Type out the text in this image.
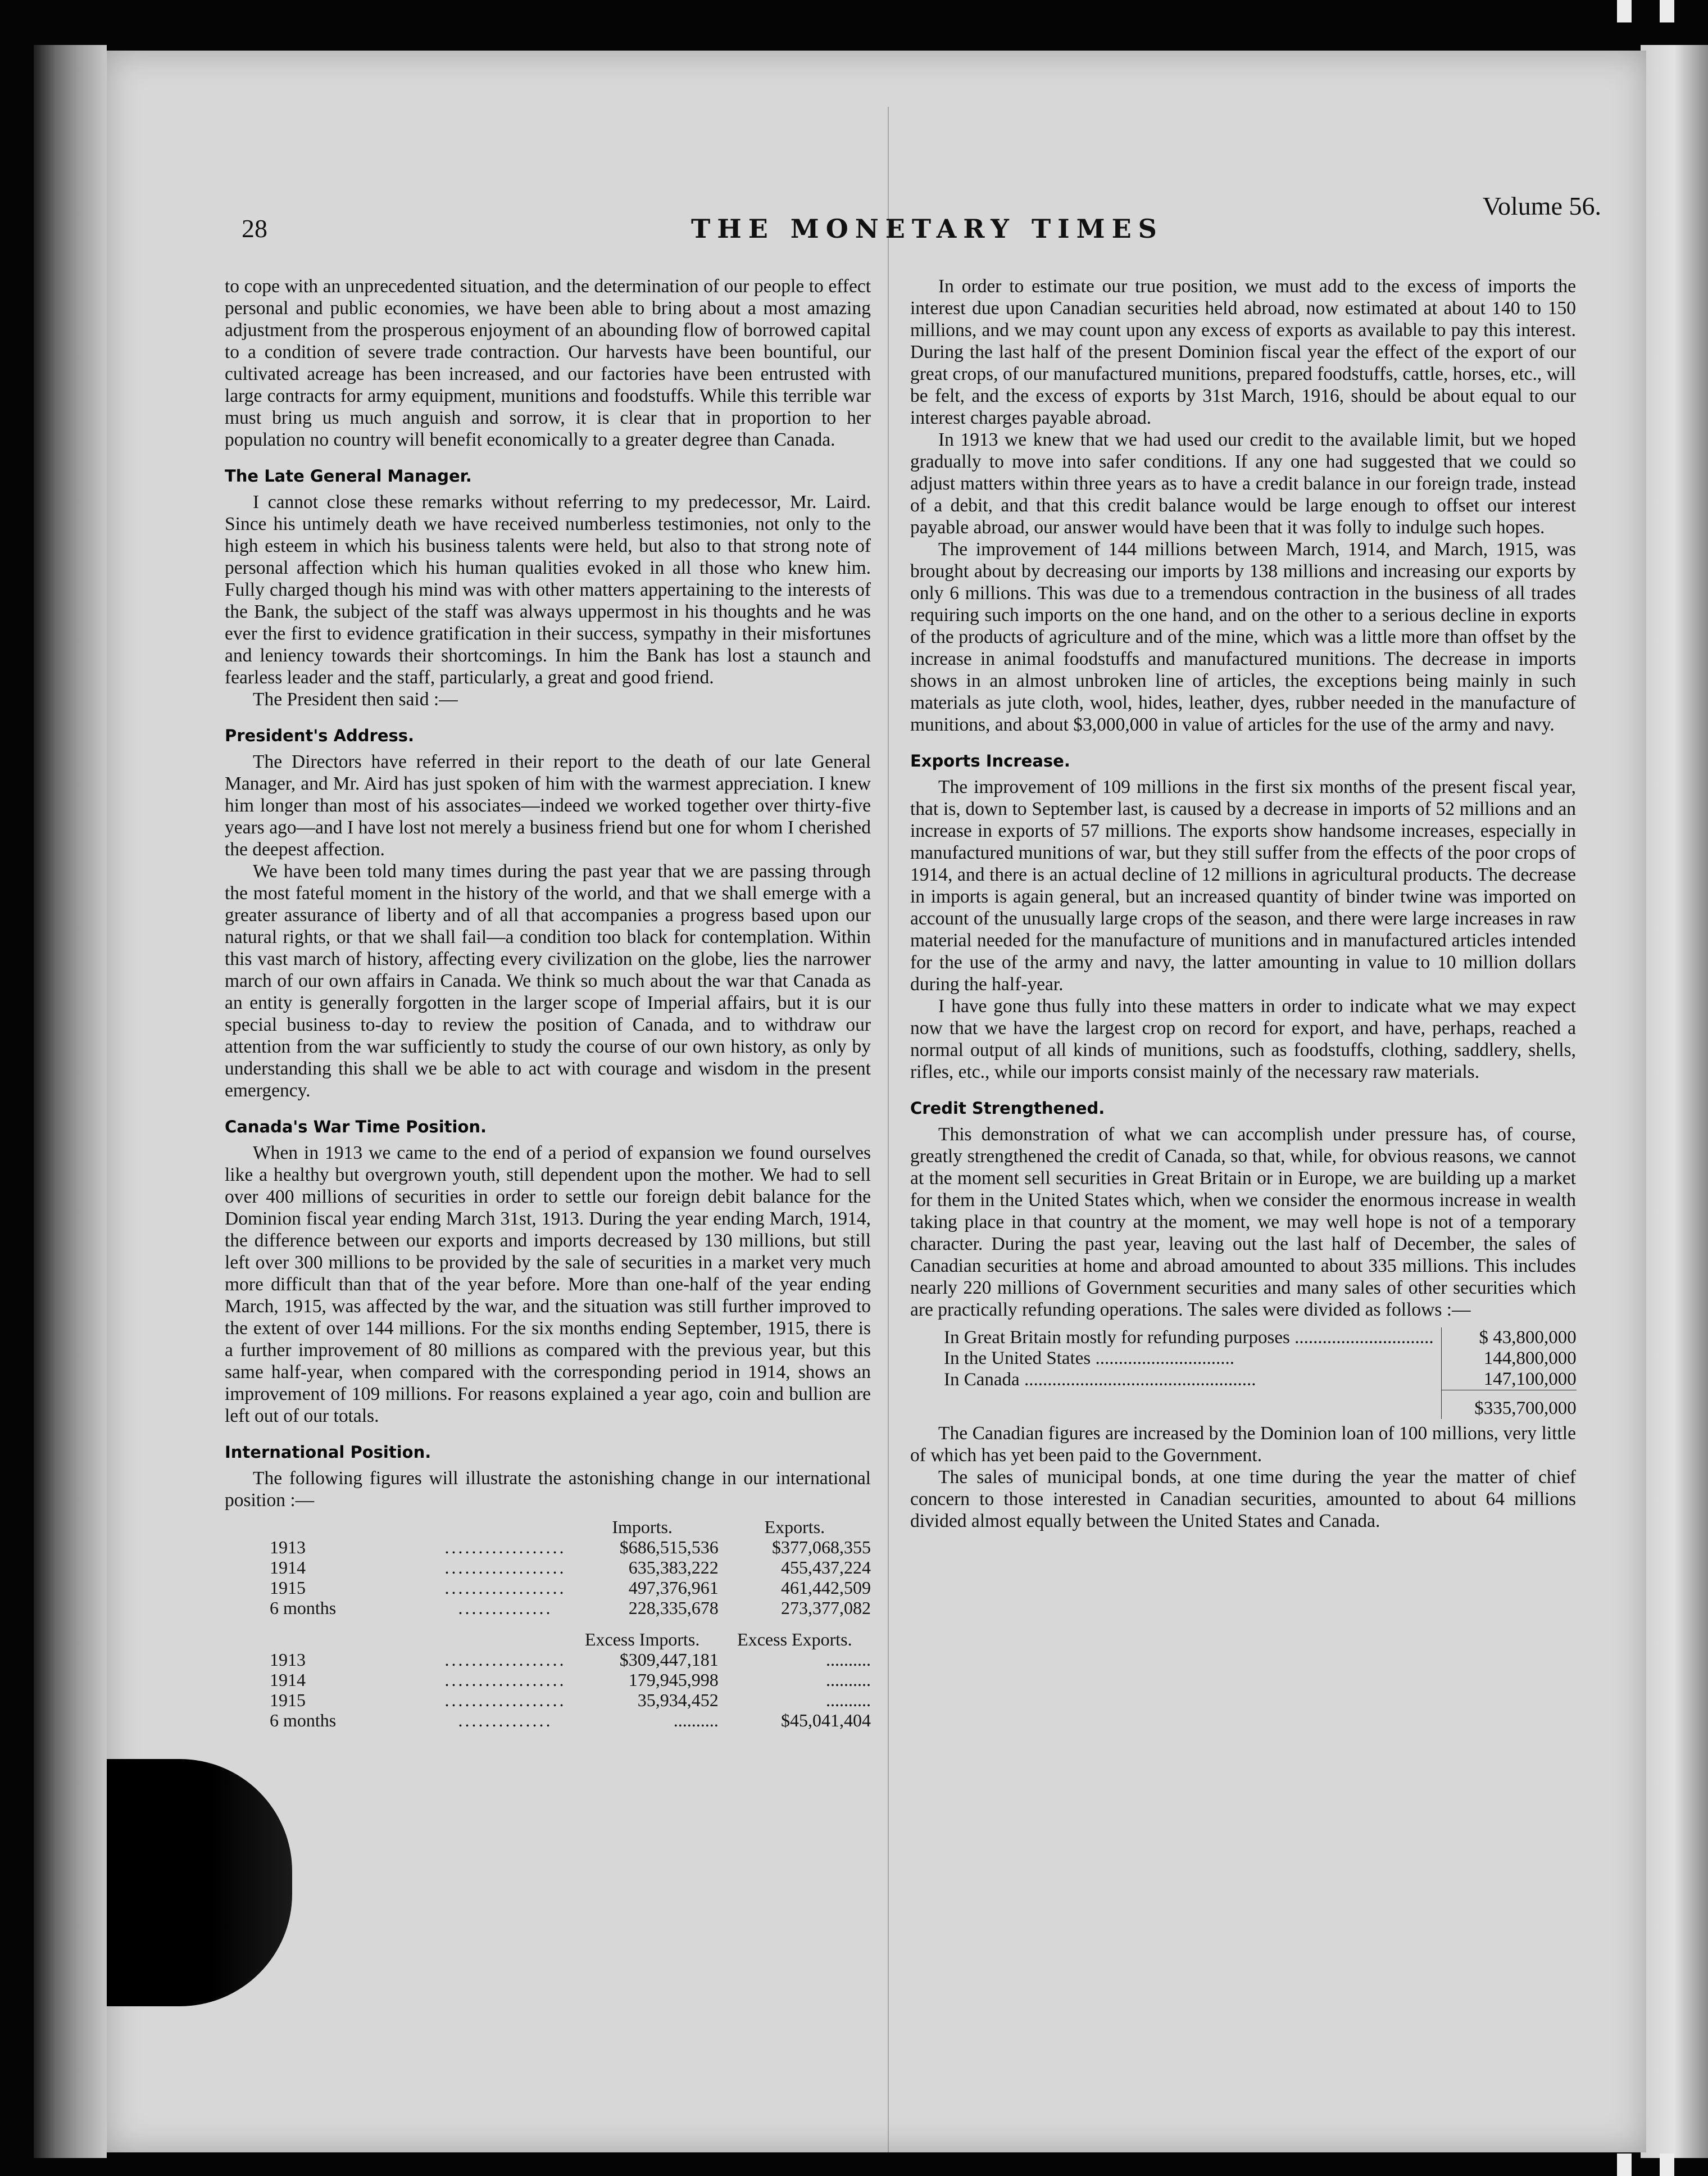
28	THE MONETARY TIMES
Volume 56.

to cope with an unprecedented situation, and the determination of our people to effect personal and public economies, we have been able to bring about a most amazing adjustment from the prosperous enjoyment of an abounding flow of borrowed capital to a condition of severe trade contraction. Our harvests have been bountiful, our cultivated acreage has been increased, and our factories have been entrusted with large contracts for army equipment, munitions and foodstuffs. While this terrible war must bring us much anguish and sorrow, it is clear that in proportion to her population no country will benefit economically to a greater degree than Canada.

The Late General Manager.

I cannot close these remarks without referring to my predecessor, Mr. Laird. Since his untimely death we have received numberless testimonies, not only to the high esteem in which his business talents were held, but also to that strong note of personal affection which his human qualities evoked in all those who knew him. Fully charged though his mind was with other matters appertaining to the interests of the Bank, the subject of the staff was always uppermost in his thoughts and he was ever the first to evidence gratification in their success, sympathy in their misfortunes and leniency towards their shortcomings. In him the Bank has lost a staunch and fearless leader and the staff, particularly, a great and good friend.

The President then said :—

President's Address.

The Directors have referred in their report to the death of our late General Manager, and Mr. Aird has just spoken of him with the warmest appreciation. I knew him longer than most of his associates—indeed we worked together over thirty-five years ago—and I have lost not merely a business friend but one for whom I cherished the deepest affection.

We have been told many times during the past year that we are passing through the most fateful moment in the history of the world, and that we shall emerge with a greater assurance of liberty and of all that accompanies a progress based upon our natural rights, or that we shall fail—a condition too black for contemplation. Within this vast march of history, affecting every civilization on the globe, lies the narrower march of our own affairs in Canada. We think so much about the war that Canada as an entity is generally forgotten in the larger scope of Imperial affairs, but it is our special business to-day to review the position of Canada, and to withdraw our attention from the war sufficiently to study the course of our own history, as only by understanding this shall we be able to act with courage and wisdom in the present emergency.

Canada's War Time Position.

When in 1913 we came to the end of a period of expansion we found ourselves like a healthy but overgrown youth, still dependent upon the mother. We had to sell over 400 millions of securities in order to settle our foreign debit balance for the Dominion fiscal year ending March 31st, 1913. During the year ending March, 1914, the difference between our exports and imports decreased by 130 millions, but still left over 300 millions to be provided by the sale of securities in a market very much more difficult than that of the year before. More than one-half of the year ending March, 1915, was affected by the war, and the situation was still further improved to the extent of over 144 millions. For the six months ending September, 1915, there is a further improvement of 80 millions as compared with the previous year, but this same half-year, when compared with the corresponding period in 1914, shows an improvement of 109 millions. For reasons explained a year ago, coin and bullion are left out of our totals.

International Position.

The following figures will illustrate the astonishing change in our international position :—

		Imports.	Exports.
1913	..................	$686,515,536	$377,068,355
1914	..................	635,383,222	455,437,224
1915	..................	497,376,961	461,442,509
6 months	..............	228,335,678	273,377,082

		Excess Imports.	Excess Exports.
1913	..................	$309,447,181	..........
1914	..................	179,945,998	..........
1915	..................	35,934,452	..........
6 months	..............	..........	$45,041,404

In order to estimate our true position, we must add to the excess of imports the interest due upon Canadian securities held abroad, now estimated at about 140 to 150 millions, and we may count upon any excess of exports as available to pay this interest. During the last half of the present Dominion fiscal year the effect of the export of our great crops, of our manufactured munitions, prepared foodstuffs, cattle, horses, etc., will be felt, and the excess of exports by 31st March, 1916, should be about equal to our interest charges payable abroad.

In 1913 we knew that we had used our credit to the available limit, but we hoped gradually to move into safer conditions. If any one had suggested that we could so adjust matters within three years as to have a credit balance in our foreign trade, instead of a debit, and that this credit balance would be large enough to offset our interest payable abroad, our answer would have been that it was folly to indulge such hopes.

The improvement of 144 millions between March, 1914, and March, 1915, was brought about by decreasing our imports by 138 millions and increasing our exports by only 6 millions. This was due to a tremendous contraction in the business of all trades requiring such imports on the one hand, and on the other to a serious decline in exports of the products of agriculture and of the mine, which was a little more than offset by the increase in animal foodstuffs and manufactured munitions. The decrease in imports shows in an almost unbroken line of articles, the exceptions being mainly in such materials as jute cloth, wool, hides, leather, dyes, rubber needed in the manufacture of munitions, and about $3,000,000 in value of articles for the use of the army and navy.

Exports Increase.

The improvement of 109 millions in the first six months of the present fiscal year, that is, down to September last, is caused by a decrease in imports of 52 millions and an increase in exports of 57 millions. The exports show handsome increases, especially in manufactured munitions of war, but they still suffer from the effects of the poor crops of 1914, and there is an actual decline of 12 millions in agricultural products. The decrease in imports is again general, but an increased quantity of binder twine was imported on account of the unusually large crops of the season, and there were large increases in raw material needed for the manufacture of munitions and in manufactured articles intended for the use of the army and navy, the latter amounting in value to 10 million dollars during the half-year.

I have gone thus fully into these matters in order to indicate what we may expect now that we have the largest crop on record for export, and have, perhaps, reached a normal output of all kinds of munitions, such as foodstuffs, clothing, saddlery, shells, rifles, etc., while our imports consist mainly of the necessary raw materials.

Credit Strengthened.

This demonstration of what we can accomplish under pressure has, of course, greatly strengthened the credit of Canada, so that, while, for obvious reasons, we cannot at the moment sell securities in Great Britain or in Europe, we are building up a market for them in the United States which, when we consider the enormous increase in wealth taking place in that country at the moment, we may well hope is not of a temporary character. During the past year, leaving out the last half of December, the sales of Canadian securities at home and abroad amounted to about 335 millions. This includes nearly 220 millions of Government securities and many sales of other securities which are practically refunding operations. The sales were divided as follows :—

In Great Britain mostly for refunding purposes ..............................	$ 43,800,000
In the United States ..............................	144,800,000
In Canada ..................................................	147,100,000
	$335,700,000

The Canadian figures are increased by the Dominion loan of 100 millions, very little of which has yet been paid to the Government.

The sales of municipal bonds, at one time during the year the matter of chief concern to those interested in Canadian securities, amounted to about 64 millions divided almost equally between the United States and Canada.
